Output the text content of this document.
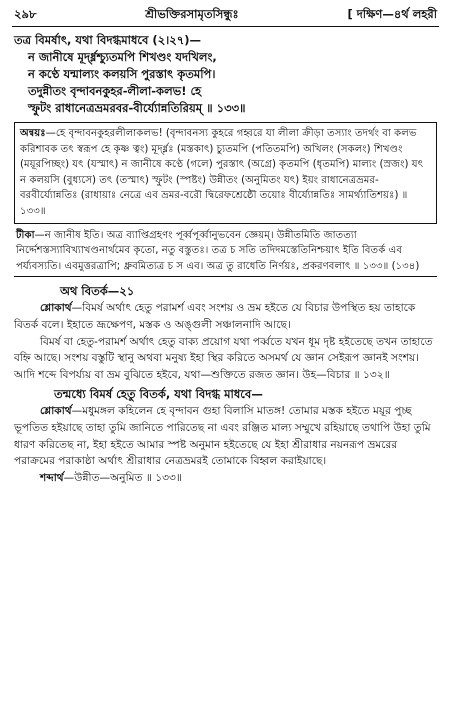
২৯৮	শ্রীভক্তিরসামৃতসিন্ধুঃ	[ দক্ষিণ—৪র্থ লহরী
তত্র বিমর্ষাৎ, যথা বিদগ্ধমাধবে (২।২৭)—
ন জানীষে মূর্দ্ধ্নশ্চ্যুতমপি শিখণ্ডং যদখিলং,
ন কণ্ঠে যন্মাল্যং কলয়সি পুরস্তাৎ কৃতমপি।
তদুন্নীতং বৃন্দাবনকুহর-লীলা-কলভ! হে
স্ফুটং রাধানেত্রভ্রমরবর-বীর্য্যোন্নতিরিয়ম্‌ ॥ ১৩৩॥
অন্বয়ঃ—হে বৃন্দাবনকুহরলীলাকলভ! (বৃন্দাবনস্য কুহরে গহ্বরে যা লীলা ক্রীড়া তস্যাং তদর্থং বা কলভ করিশাবক তৎ স্বরূপ হে কৃষ্ণ ত্বং) মূর্দ্ধ্নঃ (মস্তকাৎ) চ্যুতমপি (পতিতমপি) অখিলং (সকলং) শিখণ্ডং (ময়ূরপিচ্ছং) যৎ (যস্মাৎ) ন জানীষে কণ্ঠে (গলে) পুরস্তাৎ (অগ্রে) কৃতমপি (ধৃতমপি) মাল্যং (স্রজং) যৎ ন কলয়সি (বুধ্যসে) তৎ (তস্মাৎ) স্ফুটং (স্পষ্টং) উন্নীতং (অনুমিতং যৎ) ইয়ং রাধানেত্রভ্রমর-বরবীর্য্যোন্নতিঃ (রাধায়াঃ নেত্রে এব ভ্রমর-বরৌ দ্বিরেফশ্রেষ্ঠৌ তয়োঃ বীর্য্যোন্নতিঃ সামর্থ্যাতিশয়ঃ) ॥ ১৩৩॥
টীকা—ন জানীষ ইতি। অত্র ব্যাপ্তিগ্রহণং পূর্ব্বপূর্ব্বানুভবেন জ্ঞেয়ম্‌। উন্নীতমিতি জাতত্যা নির্দ্দেশস্তস্যাবিখ্যাখণ্ডনার্থমেব কৃতো, নতু বস্তুতঃ। তত্র চ সতি তদিদমস্তেতিনিশ্চয়াৎ ইতি বিতর্ক এব পর্য্যবস্যতি। এবমুত্তরত্রাপি; ধ্রুবমিত্যত্র চ স এব। অত্র তু রাধেতি নির্ণয়ঃ, প্রকরণবলাৎ ॥ ১৩৩॥ (১৩৪)
অথ বিতর্ক—২১

শ্লোকার্থ—বিমর্ষ অর্থাৎ হেতু পরামর্শ এবং সংশয় ও ভ্রম হইতে যে বিচার উপস্থিত হয় তাহাকে বিতর্ক বলে। ইহাতে ভ্রূক্ষেপণ, মস্তক ও অঙ্গুলী সঞ্চালনাদি আছে।

বিমর্ষ বা হেতু-পরামর্শ অর্থাৎ হেতু বাক্য প্রয়োগ যথা পর্ব্বতে যখন ধূম দৃষ্ট হইতেছে তখন তাহাতে বহ্নি আছে। সংশয় বস্তুটি স্থানু অথবা মনুষ্য ইহা স্থির করিতে অসমর্থ যে জ্ঞান সেইরূপ জ্ঞানই সংশয়। আদি শব্দে বিপর্য্যয় বা ভ্রম বুঝিতে হইবে, যথা—শুক্তিতে রজত জ্ঞান। উহ—বিচার ॥ ১৩২॥

তন্মধ্যে বিমর্ষ হেতু বিতর্ক, যথা বিদগ্ধ মাধবে—

শ্লোকার্থ—মধুমঙ্গল কহিলেন হে বৃন্দাবন গুহা বিলাসি মাতঙ্গ! তোমার মস্তক হইতে ময়ূর পুচ্ছ ভূপতিত হইয়াছে তাহা তুমি জানিতে পারিতেছ না এবং রঞ্জিত মাল্য সম্মুখে রহিয়াছে তথাপি উহা তুমি ধারণ করিতেছ না, ইহা হইতে আমার স্পষ্ট অনুমান হইতেছে যে ইহা শ্রীরাধার নয়নরূপ ভ্রমরের পরাক্রমের পরাকাষ্ঠা অর্থাৎ শ্রীরাধার নেত্রভ্রমরই তোমাকে বিহ্বল করাইয়াছে।

শব্দার্থ—উন্নীত—অনুমিত ॥ ১৩৩॥
